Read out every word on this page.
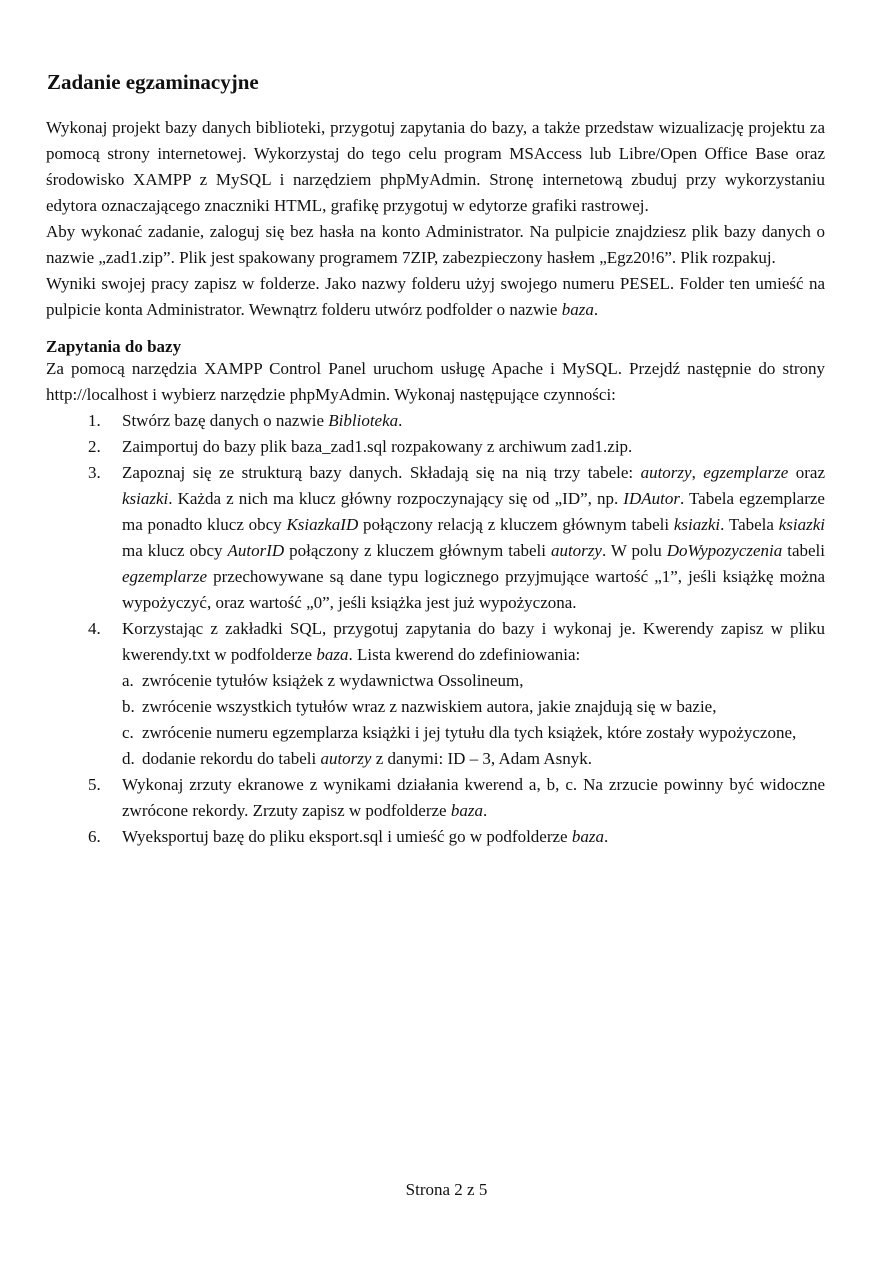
Zadanie egzaminacyjne

Wykonaj projekt bazy danych biblioteki, przygotuj zapytania do bazy, a także przedstaw wizualizację projektu za pomocą strony internetowej. Wykorzystaj do tego celu program MSAccess lub Libre/Open Office Base oraz środowisko XAMPP z MySQL i narzędziem phpMyAdmin. Stronę internetową zbuduj przy wykorzystaniu edytora oznaczającego znaczniki HTML, grafikę przygotuj w edytorze grafiki rastrowej.

Aby wykonać zadanie, zaloguj się bez hasła na konto Administrator. Na pulpicie znajdziesz plik bazy danych o nazwie „zad1.zip”. Plik jest spakowany programem 7ZIP, zabezpieczony hasłem „Egz20!6”. Plik rozpakuj.

Wyniki swojej pracy zapisz w folderze. Jako nazwy folderu użyj swojego numeru PESEL. Folder ten umieść na pulpicie konta Administrator. Wewnątrz folderu utwórz podfolder o nazwie baza.

Zapytania do bazy

Za pomocą narzędzia XAMPP Control Panel uruchom usługę Apache i MySQL. Przejdź następnie do strony http://localhost i wybierz narzędzie phpMyAdmin. Wykonaj następujące czynności:

1. Stwórz bazę danych o nazwie Biblioteka.
2. Zaimportuj do bazy plik baza_zad1.sql rozpakowany z archiwum zad1.zip.
3. Zapoznaj się ze strukturą bazy danych. Składają się na nią trzy tabele: autorzy, egzemplarze oraz ksiazki. Każda z nich ma klucz główny rozpoczynający się od „ID”, np. IDAutor. Tabela egzemplarze ma ponadto klucz obcy KsiazkaID połączony relacją z kluczem głównym tabeli ksiazki. Tabela ksiazki ma klucz obcy AutorID połączony z kluczem głównym tabeli autorzy. W polu DoWypozyczenia tabeli egzemplarze przechowywane są dane typu logicznego przyjmujące wartość „1”, jeśli książkę można wypożyczyć, oraz wartość „0”, jeśli książka jest już wypożyczona.
4. Korzystając z zakładki SQL, przygotuj zapytania do bazy i wykonaj je. Kwerendy zapisz w pliku kwerendy.txt w podfolderze baza. Lista kwerend do zdefiniowania:
a. zwrócenie tytułów książek z wydawnictwa Ossolineum,
b. zwrócenie wszystkich tytułów wraz z nazwiskiem autora, jakie znajdują się w bazie,
c. zwrócenie numeru egzemplarza książki i jej tytułu dla tych książek, które zostały wypożyczone,
d. dodanie rekordu do tabeli autorzy z danymi: ID – 3, Adam Asnyk.
5. Wykonaj zrzuty ekranowe z wynikami działania kwerend a, b, c. Na zrzucie powinny być widoczne zwrócone rekordy. Zrzuty zapisz w podfolderze baza.
6. Wyeksportuj bazę do pliku eksport.sql i umieść go w podfolderze baza.
Strona 2 z 5
